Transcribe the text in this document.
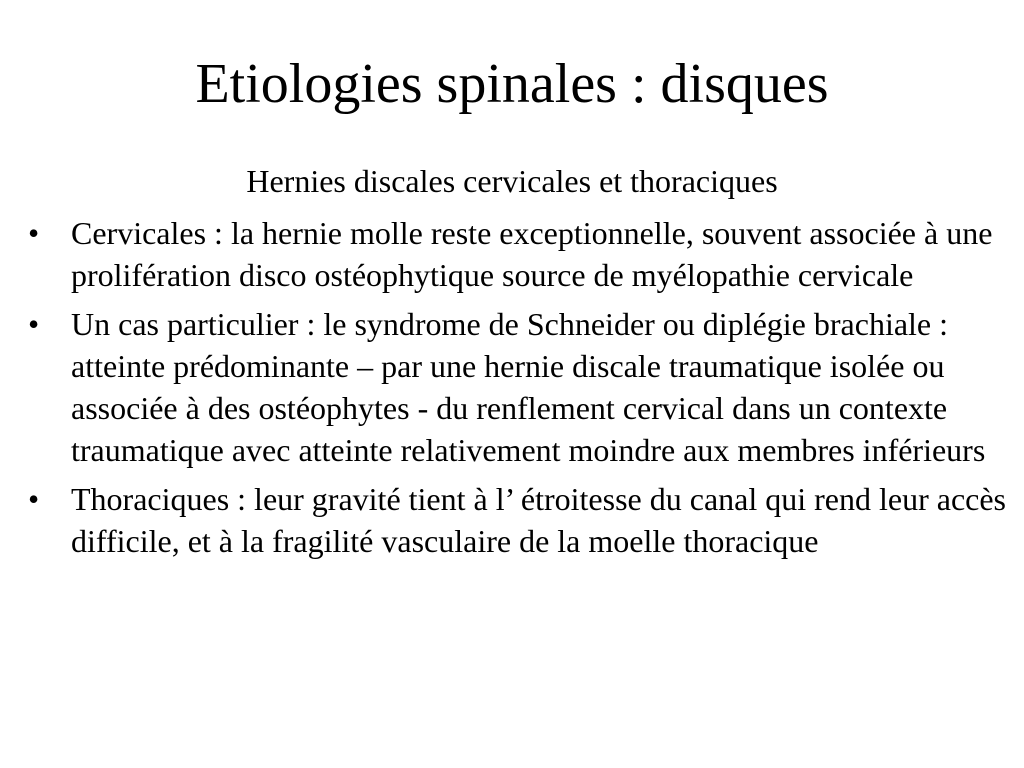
Etiologies spinales : disques

Hernies discales cervicales et thoraciques

• Cervicales : la hernie molle reste exceptionnelle, souvent associée à une prolifération disco ostéophytique source de myélopathie cervicale
• Un cas particulier : le syndrome de Schneider ou diplégie brachiale : atteinte prédominante – par une hernie discale traumatique isolée ou associée à des ostéophytes - du renflement cervical dans un contexte traumatique avec atteinte relativement moindre aux membres inférieurs
• Thoraciques : leur gravité tient à l’ étroitesse du canal qui rend leur accès difficile, et à la fragilité vasculaire de la moelle thoracique
